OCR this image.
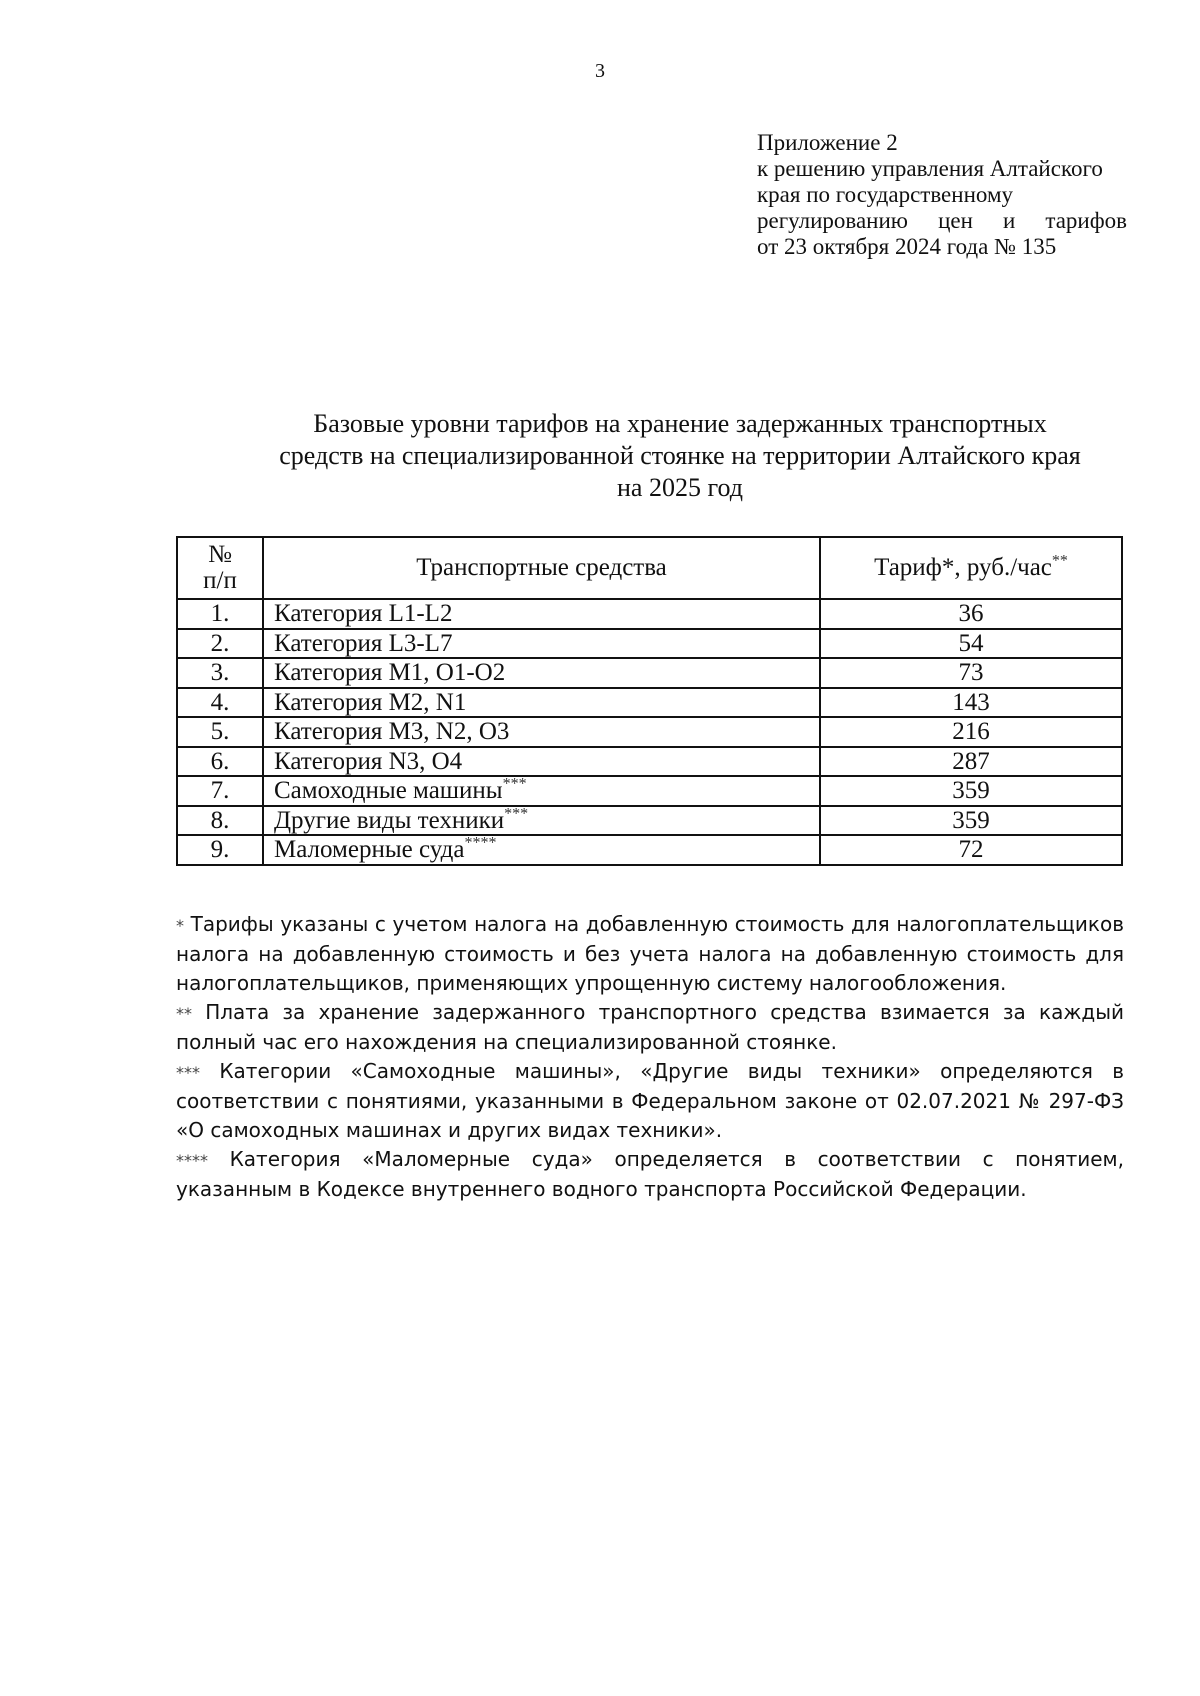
3
Приложение 2
к решению управления Алтайского
края по государственному
регулированию цен и тарифов
от 23 октября 2024 года № 135
Базовые уровни тарифов на хранение задержанных транспортных
средств на специализированной стоянке на территории Алтайского края
на 2025 год
№
п/п	Транспортные средства	Тариф*, руб./час**
1.	Категория L1-L2	36
2.	Категория L3-L7	54
3.	Категория M1, O1-O2	73
4.	Категория M2, N1	143
5.	Категория M3, N2, O3	216
6.	Категория N3, O4	287
7.	Самоходные машины***	359
8.	Другие виды техники***	359
9.	Маломерные суда****	72

* Тарифы указаны с учетом налога на добавленную стоимость для налогоплательщиков налога на добавленную стоимость и без учета налога на добавленную стоимость для налогоплательщиков, применяющих упрощенную систему налогообложения.

** Плата за хранение задержанного транспортного средства взимается за каждый полный час его нахождения на специализированной стоянке.

*** Категории «Самоходные машины», «Другие виды техники» определяются в соответствии с понятиями, указанными в Федеральном законе от 02.07.2021 № 297-ФЗ «О самоходных машинах и других видах техники».

**** Категория «Маломерные суда» определяется в соответствии с понятием, указанным в Кодексе внутреннего водного транспорта Российской Федерации.
